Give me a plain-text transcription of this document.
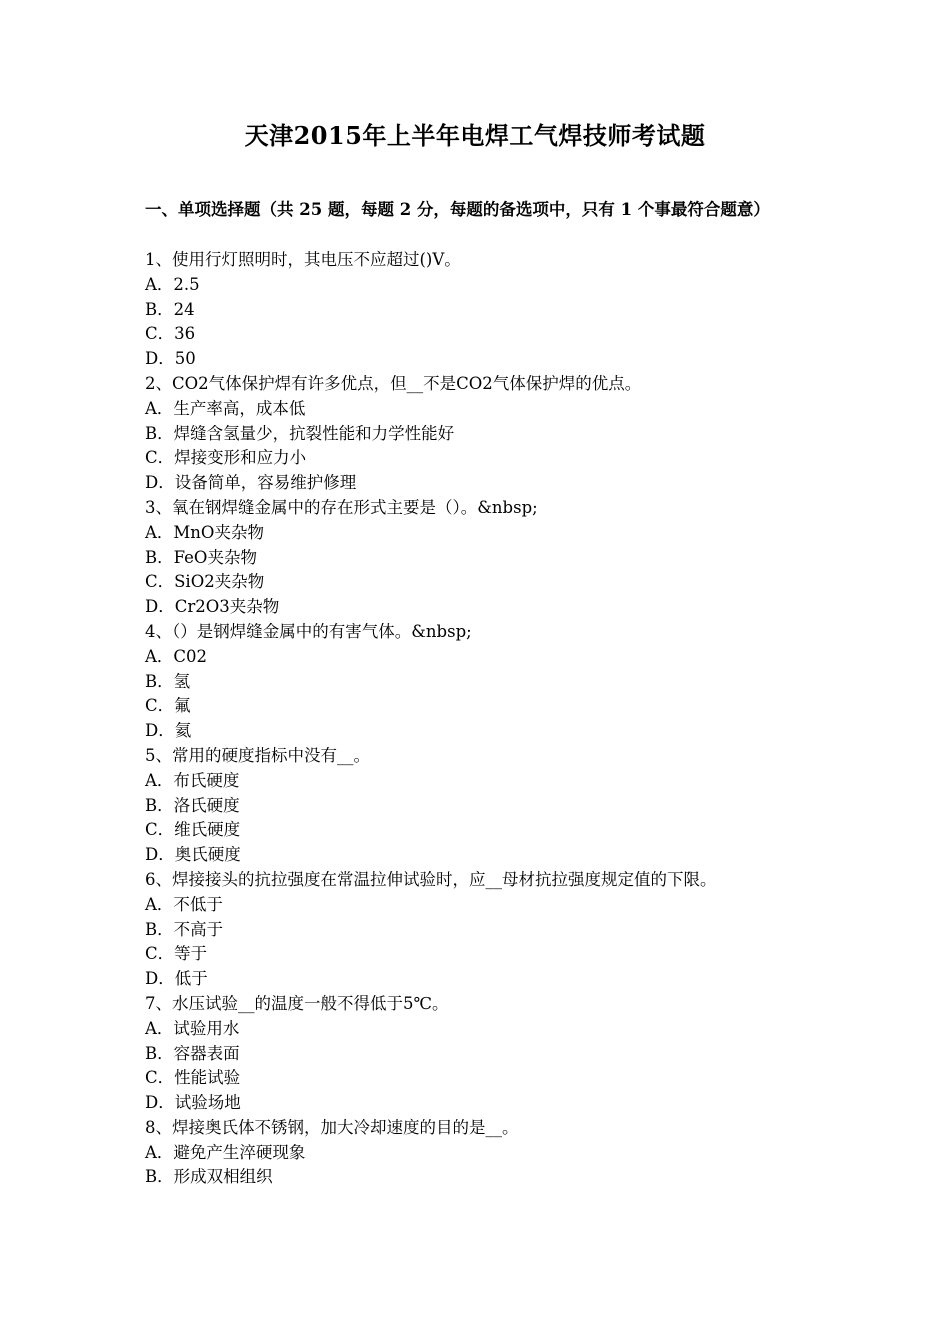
天津2015年上半年电焊工气焊技师考试题
一、单项选择题（共 25 题，每题 2 分，每题的备选项中，只有 1 个事最符合题意）
1、使用行灯照明时，其电压不应超过()V。
A．2.5
B．24
C．36
D．50
2、CO2气体保护焊有许多优点，但__不是CO2气体保护焊的优点。
A．生产率高，成本低
B．焊缝含氢量少，抗裂性能和力学性能好
C．焊接变形和应力小
D．设备简单，容易维护修理
3、氧在钢焊缝金属中的存在形式主要是（）。&nbsp;
A．MnO夹杂物
B．FeO夹杂物
C．SiO2夹杂物
D．Cr2O3夹杂物
4、（）是钢焊缝金属中的有害气体。&nbsp;
A．C02
B．氢
C．氟
D．氦
5、常用的硬度指标中没有__。
A．布氏硬度
B．洛氏硬度
C．维氏硬度
D．奥氏硬度
6、焊接接头的抗拉强度在常温拉伸试验时，应__母材抗拉强度规定值的下限。
A．不低于
B．不高于
C．等于
D．低于
7、水压试验__的温度一般不得低于5℃。
A．试验用水
B．容器表面
C．性能试验
D．试验场地
8、焊接奥氏体不锈钢，加大冷却速度的目的是__。
A．避免产生淬硬现象
B．形成双相组织
